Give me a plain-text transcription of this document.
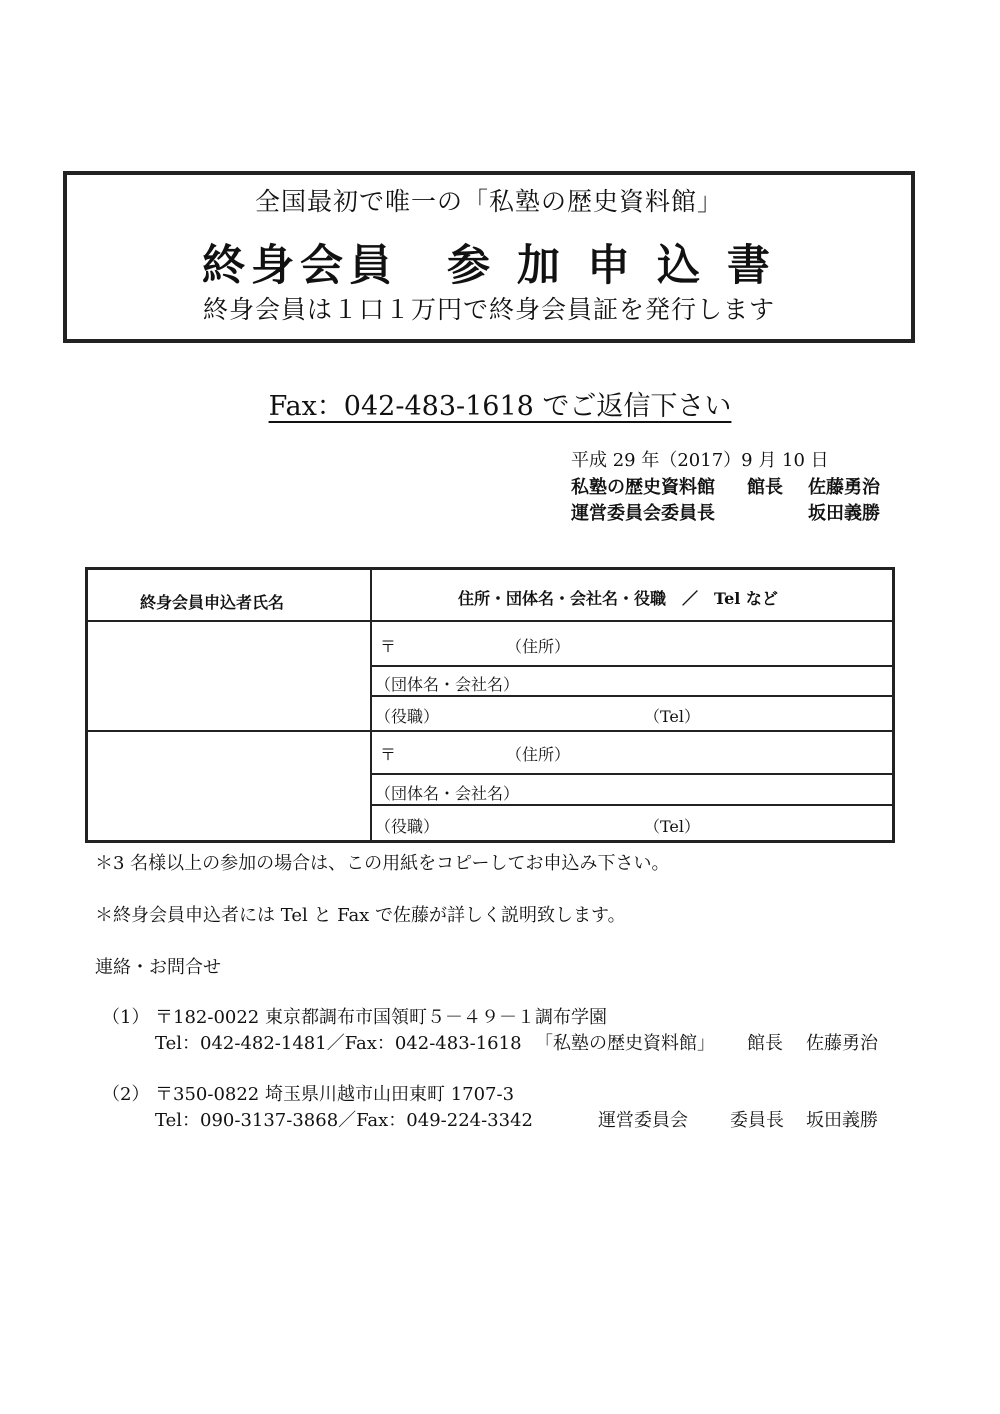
全国最初で唯一の「私塾の歴史資料館」
終身会員　参 加 申 込 書
終身会員は１口１万円で終身会員証を発行します
Fax：042-483-1618 でご返信下さい
平成 29 年（2017）9 月 10 日
私塾の歴史資料館 館長 佐藤勇治
運営委員会委員長	坂田義勝
終身会員申込者氏名	住所・団体名・会社名・役職　／　Tel など
〒	（住所）
（団体名・会社名）
（役職）	（Tel）
〒	（住所）
（団体名・会社名）
（役職）	（Tel）
＊3 名様以上の参加の場合は、この用紙をコピーしてお申込み下さい。
＊終身会員申込者には Tel と Fax で佐藤が詳しく説明致します。
連絡・お問合せ
（1） 〒182-0022 東京都調布市国領町５－４９－１調布学園
Tel：042-482-1481／Fax：042-483-1618 「私塾の歴史資料館」 館長 佐藤勇治
（2） 〒350-0822 埼玉県川越市山田東町 1707-3
Tel：090-3137-3868／Fax：049-224-3342	運営委員会 委員長 坂田義勝
